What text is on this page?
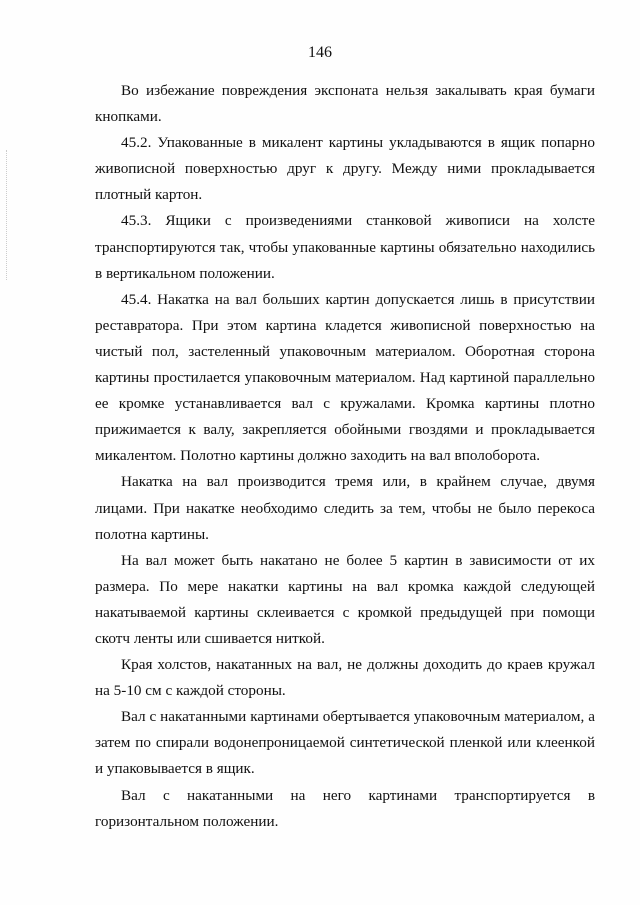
146

Во избежание повреждения экспоната нельзя закалывать края бумаги кнопками.

45.2. Упакованные в микалент картины укладываются в ящик попарно живописной поверхностью друг к другу. Между ними прокладывается плотный картон.

45.3. Ящики с произведениями станковой живописи на холсте транспортируются так, чтобы упакованные картины обязательно находились в вертикальном положении.

45.4. Накатка на вал больших картин допускается лишь в присутствии реставратора. При этом картина кладется живописной поверхностью на чистый пол, застеленный упаковочным материалом. Оборотная сторона картины простилается упаковочным материалом. Над картиной параллельно ее кромке устанавливается вал с кружалами. Кромка картины плотно прижимается к валу, закрепляется обойными гвоздями и прокладывается микалентом. Полотно картины должно заходить на вал вполоборота.

Накатка на вал производится тремя или, в крайнем случае, двумя лицами. При накатке необходимо следить за тем, чтобы не было перекоса полотна картины.

На вал может быть накатано не более 5 картин в зависимости от их размера. По мере накатки картины на вал кромка каждой следующей накатываемой картины склеивается с кромкой предыдущей при помощи скотч ленты или сшивается ниткой.

Края холстов, накатанных на вал, не должны доходить до краев кружал на 5-10 см с каждой стороны.

Вал с накатанными картинами обертывается упаковочным материалом, а затем по спирали водонепроницаемой синтетической пленкой или клеенкой и упаковывается в ящик.

Вал с накатанными на него картинами транспортируется в горизонтальном положении.
